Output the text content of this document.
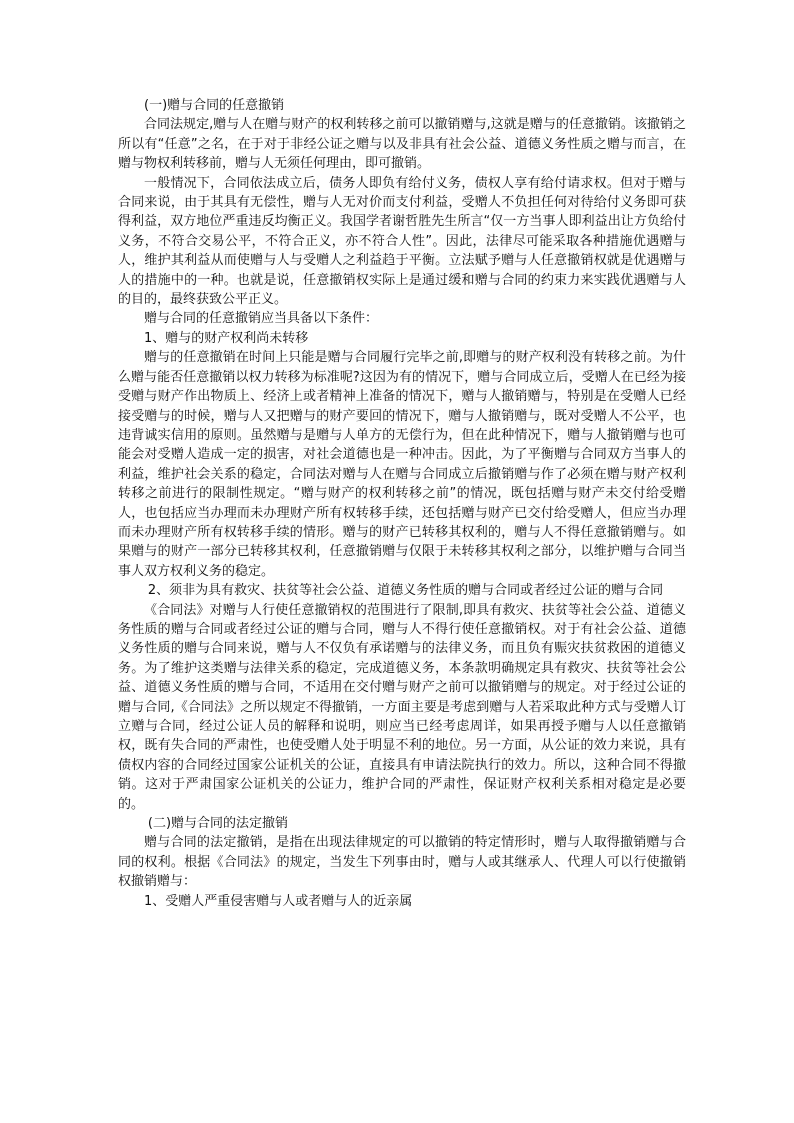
(一)赠与合同的任意撤销

合同法规定,赠与人在赠与财产的权利转移之前可以撤销赠与,这就是赠与的任意撤销。该撤销之所以有“任意”之名，在于对于非经公证之赠与以及非具有社会公益、道德义务性质之赠与而言，在赠与物权利转移前，赠与人无须任何理由，即可撤销。

一般情况下，合同依法成立后，债务人即负有给付义务，债权人享有给付请求权。但对于赠与合同来说，由于其具有无偿性，赠与人无对价而支付利益，受赠人不负担任何对待给付义务即可获得利益，双方地位严重违反均衡正义。我国学者谢哲胜先生所言“仅一方当事人即利益出让方负给付义务，不符合交易公平，不符合正义，亦不符合人性”。因此，法律尽可能采取各种措施优遇赠与人，维护其利益从而使赠与人与受赠人之利益趋于平衡。立法赋予赠与人任意撤销权就是优遇赠与人的措施中的一种。也就是说，任意撤销权实际上是通过缓和赠与合同的约束力来实践优遇赠与人的目的，最终获致公平正义。

赠与合同的任意撤销应当具备以下条件：

1、赠与的财产权利尚未转移

赠与的任意撤销在时间上只能是赠与合同履行完毕之前,即赠与的财产权利没有转移之前。为什么赠与能否任意撤销以权力转移为标准呢?这因为有的情况下，赠与合同成立后，受赠人在已经为接受赠与财产作出物质上、经济上或者精神上准备的情况下，赠与人撤销赠与，特别是在受赠人已经接受赠与的时候，赠与人又把赠与的财产要回的情况下，赠与人撤销赠与，既对受赠人不公平，也违背诚实信用的原则。虽然赠与是赠与人单方的无偿行为，但在此种情况下，赠与人撤销赠与也可能会对受赠人造成一定的损害，对社会道德也是一种冲击。因此，为了平衡赠与合同双方当事人的利益，维护社会关系的稳定，合同法对赠与人在赠与合同成立后撤销赠与作了必须在赠与财产权利转移之前进行的限制性规定。“赠与财产的权利转移之前”的情况，既包括赠与财产未交付给受赠人，也包括应当办理而未办理财产所有权转移手续，还包括赠与财产已交付给受赠人，但应当办理而未办理财产所有权转移手续的情形。赠与的财产已转移其权利的，赠与人不得任意撤销赠与。如果赠与的财产一部分已转移其权利，任意撤销赠与仅限于未转移其权利之部分，以维护赠与合同当事人双方权利义务的稳定。

2、须非为具有救灾、扶贫等社会公益、道德义务性质的赠与合同或者经过公证的赠与合同

《合同法》对赠与人行使任意撤销权的范围进行了限制,即具有救灾、扶贫等社会公益、道德义务性质的赠与合同或者经过公证的赠与合同，赠与人不得行使任意撤销权。对于有社会公益、道德义务性质的赠与合同来说，赠与人不仅负有承诺赠与的法律义务，而且负有赈灾扶贫救困的道德义务。为了维护这类赠与法律关系的稳定，完成道德义务，本条款明确规定具有救灾、扶贫等社会公益、道德义务性质的赠与合同，不适用在交付赠与财产之前可以撤销赠与的规定。对于经过公证的赠与合同,《合同法》之所以规定不得撤销，一方面主要是考虑到赠与人若采取此种方式与受赠人订立赠与合同，经过公证人员的解释和说明，则应当已经考虑周详，如果再授予赠与人以任意撤销权，既有失合同的严肃性，也使受赠人处于明显不利的地位。另一方面，从公证的效力来说，具有债权内容的合同经过国家公证机关的公证，直接具有申请法院执行的效力。所以，这种合同不得撤销。这对于严肃国家公证机关的公证力，维护合同的严肃性，保证财产权利关系相对稳定是必要的。

(二)赠与合同的法定撤销

赠与合同的法定撤销，是指在出现法律规定的可以撤销的特定情形时，赠与人取得撤销赠与合同的权利。根据《合同法》的规定，当发生下列事由时，赠与人或其继承人、代理人可以行使撤销权撤销赠与：

1、受赠人严重侵害赠与人或者赠与人的近亲属
